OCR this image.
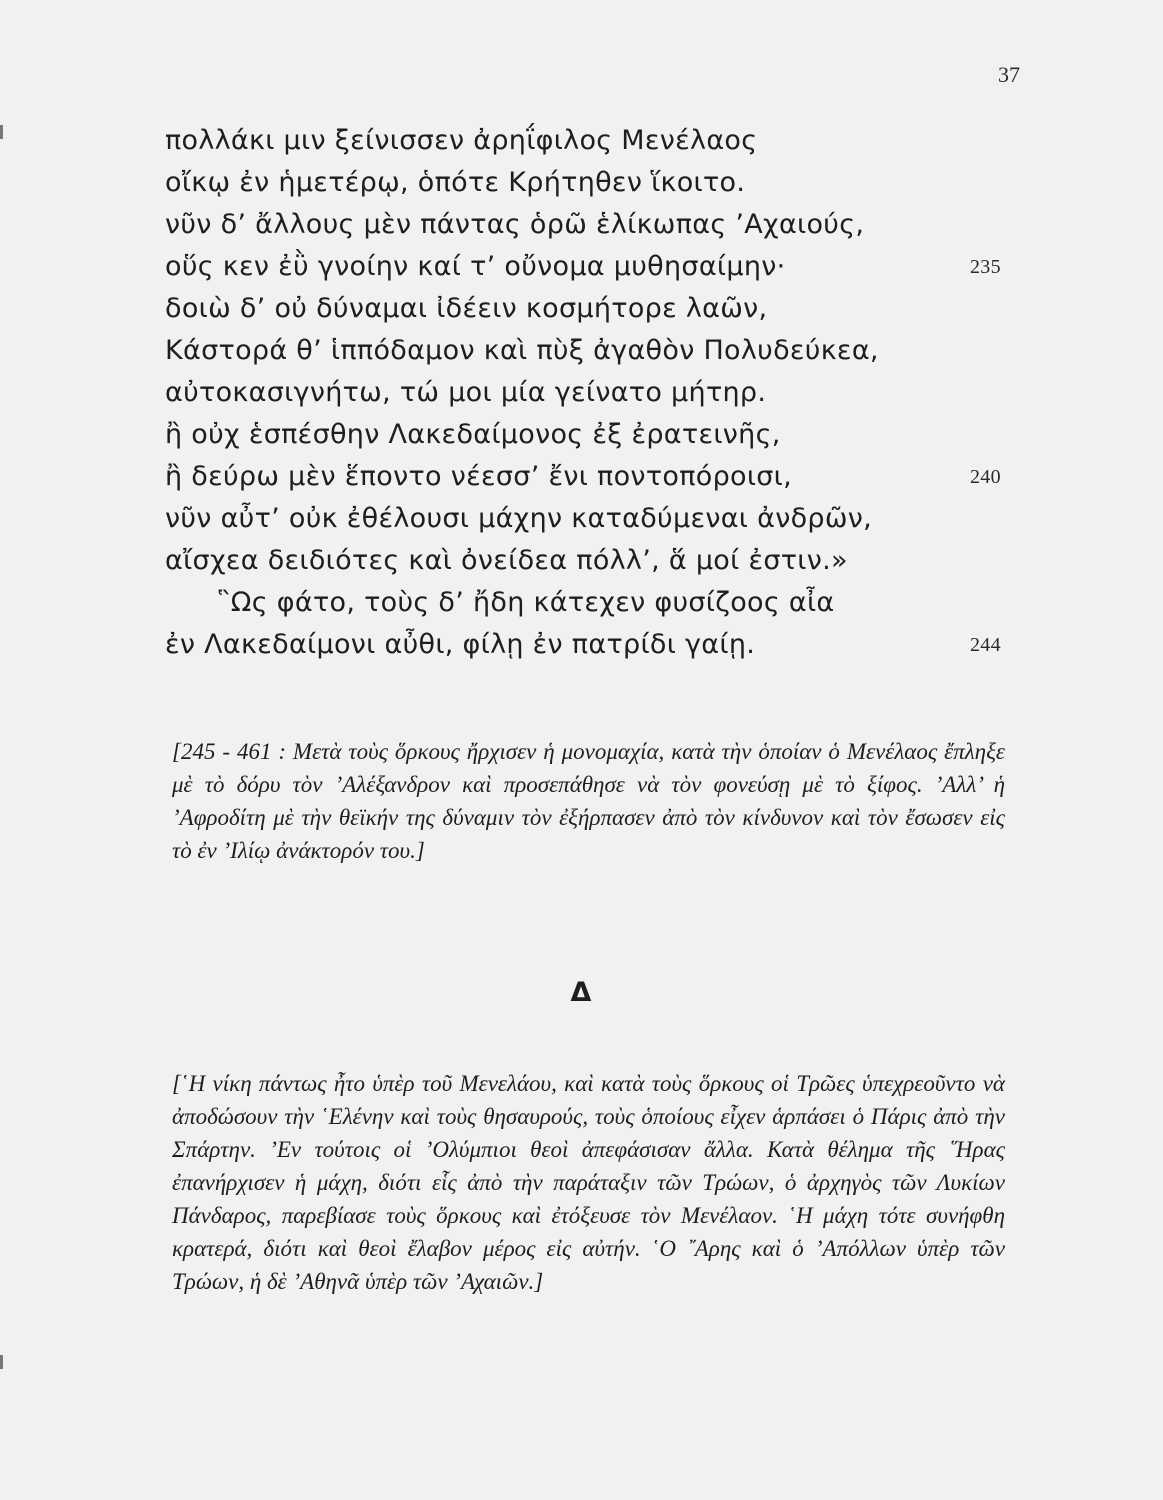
37
πολλάκι μιν ξείνισσεν ἀρηΐφιλος Μενέλαος
οἴκῳ ἐν ἡμετέρῳ, ὁπότε Κρήτηθεν ἵκοιτο.
νῦν δ’ ἄλλους μὲν πάντας ὁρῶ ἑλίκωπας ’Αχαιούς,
οὕς κεν ἐῢ γνοίην καί τ’ οὔνομα μυθησαίμην·	235
δοιὼ δ’ οὐ δύναμαι ἰδέειν κοσμήτορε λαῶν,
Κάστορά θ’ ἱππόδαμον καὶ πὺξ ἀγαθὸν Πολυδεύκεα,
αὐτοκασιγνήτω, τώ μοι μία γείνατο μήτηρ.
ἢ οὐχ ἑσπέσθην Λακεδαίμονος ἐξ ἐρατεινῆς,
ἢ δεύρω μὲν ἕποντο νέεσσ’ ἔνι ποντοπόροισι,	240
νῦν αὖτ’ οὐκ ἐθέλουσι μάχην καταδύμεναι ἀνδρῶν,
αἴσχεα δειδιότες καὶ ὀνείδεα πόλλ’, ἅ μοί ἐστιν.»
῝Ως φάτο, τοὺς δ’ ἤδη κάτεχεν φυσίζοος αἶα
ἐν Λακεδαίμονι αὖθι, φίλῃ ἐν πατρίδι γαίῃ.	244

[245 - 461 : Μετὰ τοὺς ὅρκους ἤρχισεν ἡ μονομαχία, κατὰ τὴν ὁποίαν ὁ Μενέλαος ἔπληξε μὲ τὸ δόρυ τὸν ’Αλέξανδρον καὶ προσεπάθησε νὰ τὸν φονεύσῃ μὲ τὸ ξίφος. ’Αλλ’ ἡ ’Αφροδίτη μὲ τὴν θεϊκήν της δύναμιν τὸν ἐξήρπασεν ἀπὸ τὸν κίνδυνον καὶ τὸν ἔσωσεν εἰς τὸ ἐν ’Ιλίῳ ἀνάκτορόν του.]

Δ

[῾Η νίκη πάντως ἦτο ὑπὲρ τοῦ Μενελάου, καὶ κατὰ τοὺς ὅρκους οἱ Τρῶες ὑπεχρεοῦντο νὰ ἀποδώσουν τὴν ῾Ελένην καὶ τοὺς θησαυρούς, τοὺς ὁποίους εἶχεν ἁρπάσει ὁ Πάρις ἀπὸ τὴν Σπάρτην. ’Εν τούτοις οἱ ’Ολύμπιοι θεοὶ ἀπεφάσισαν ἄλλα. Κατὰ θέλημα τῆς ῞Ηρας ἐπανήρχισεν ἡ μάχη, διότι εἷς ἀπὸ τὴν παράταξιν τῶν Τρώων, ὁ ἀρχηγὸς τῶν Λυκίων Πάνδαρος, παρεβίασε τοὺς ὅρκους καὶ ἐτόξευσε τὸν Μενέλαον. ῾Η μάχη τότε συνήφθη κρατερά, διότι καὶ θεοὶ ἔλαβον μέρος εἰς αὐτήν. ῾Ο ῎Αρης καὶ ὁ ’Απόλλων ὑπὲρ τῶν Τρώων, ἡ δὲ ’Αθηνᾶ ὑπὲρ τῶν ’Αχαιῶν.]
